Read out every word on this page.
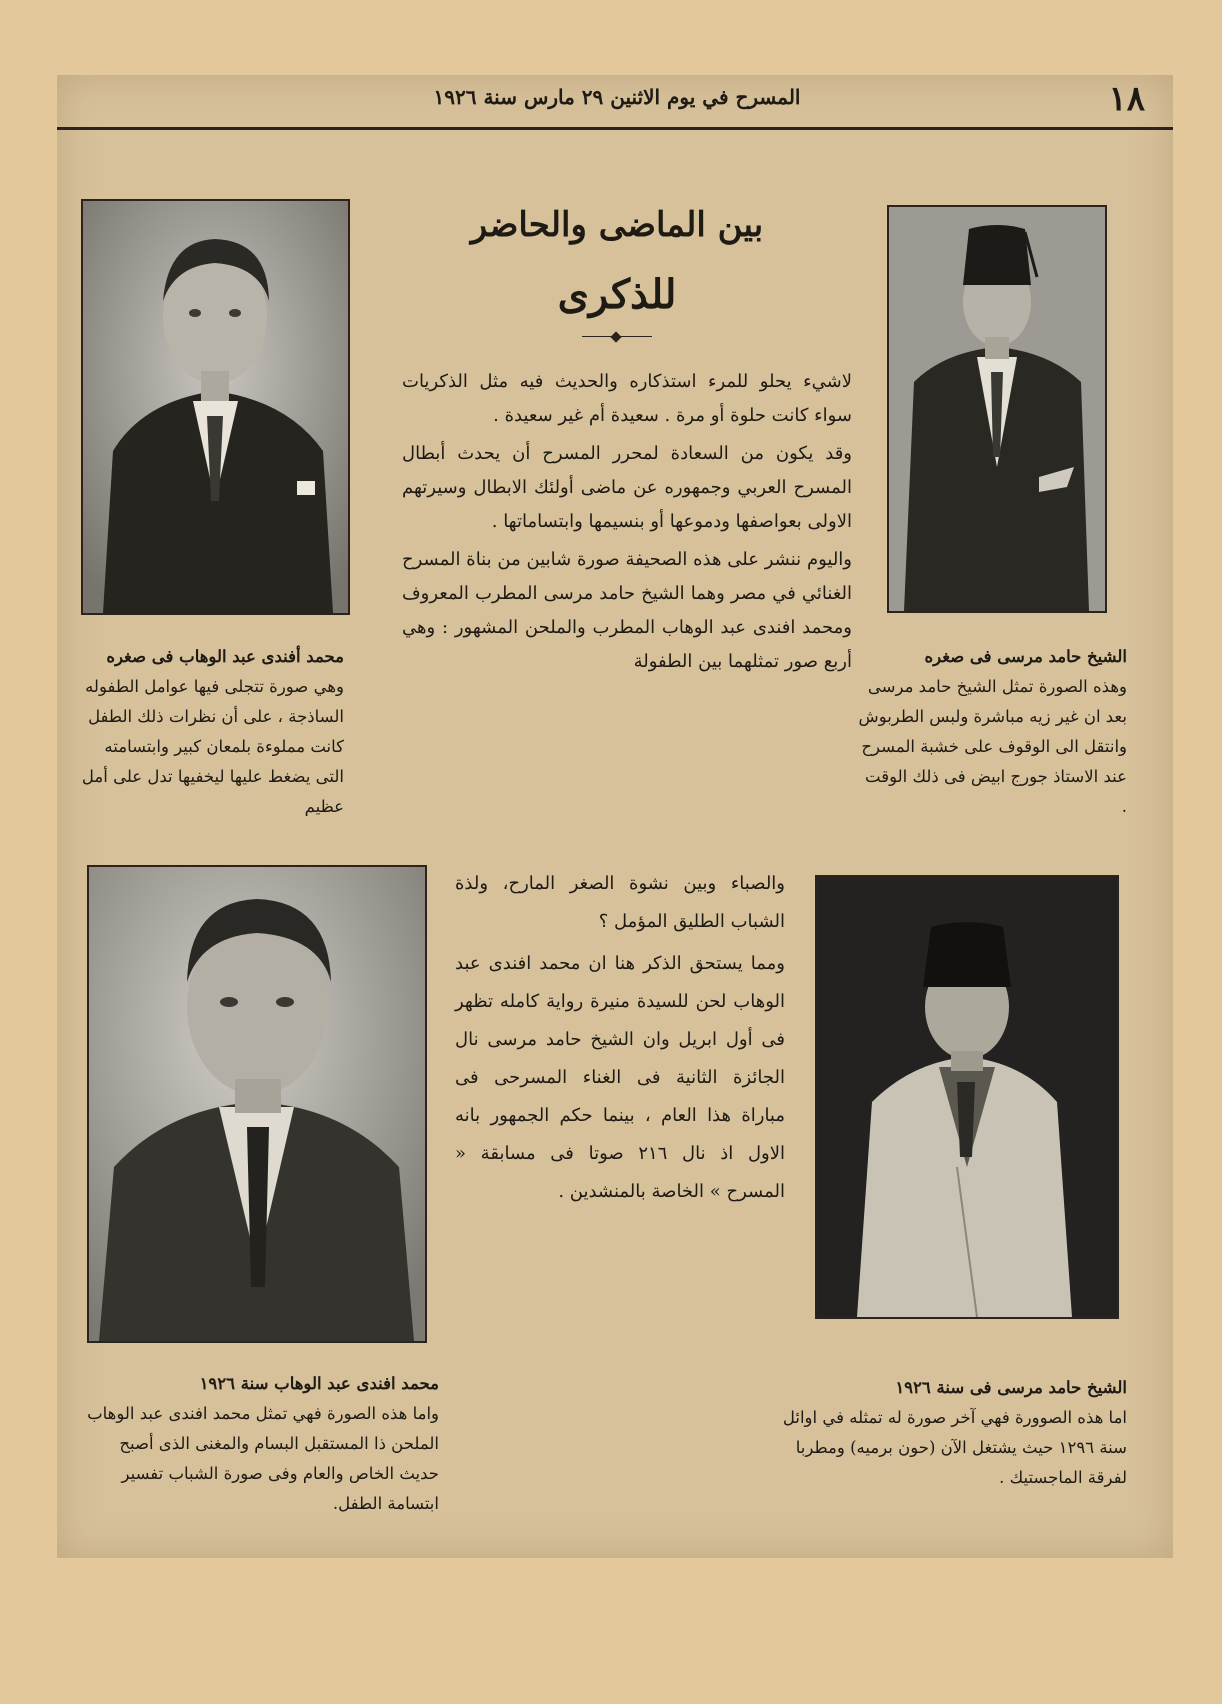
١٨
المسرح في يوم الاثنين ٢٩ مارس سنة ١٩٢٦
بين الماضى والحاضر
للذكرى

لاشيء يحلو للمرء استذكاره والحديث فيه مثل الذكريات سواء كانت حلوة أو مرة . سعيدة أم غير سعيدة .

وقد يكون من السعادة لمحرر المسرح أن يحدث أبطال المسرح العربي وجمهوره عن ماضى أولئك الابطال وسيرتهم الاولى بعواصفها ودموعها أو بنسيمها وابتساماتها .

واليوم ننشر على هذه الصحيفة صورة شابين من بناة المسرح الغنائي في مصر وهما الشيخ حامد مرسى المطرب المعروف ومحمد افندى عبد الوهاب المطرب والملحن المشهور : وهي أربع صور تمثلهما بين الطفولة

والصباء وبين نشوة الصغر المارح، ولذة الشباب الطليق المؤمل ؟

ومما يستحق الذكر هنا ان محمد افندى عبد الوهاب لحن للسيدة منيرة رواية كامله تظهر فى أول ابريل وان الشيخ حامد مرسى نال الجائزة الثانية فى الغناء المسرحى فى مباراة هذا العام ، بينما حكم الجمهور بانه الاول اذ نال ٢١٦ صوتا فى مسابقة « المسرح » الخاصة بالمنشدين .

الشيخ حامد مرسى فى صغره

وهذه الصورة تمثل الشيخ حامد مرسى بعد ان غير زيه مباشرة ولبس الطربوش وانتقل الى الوقوف على خشبة المسرح عند الاستاذ جورج ابيض فى ذلك الوقت .

محمد أفندى عبد الوهاب فى صغره

وهي صورة تتجلى فيها عوامل الطفوله الساذجة ، على أن نظرات ذلك الطفل كانت مملوءة بلمعان كبير وابتسامته التى يضغط عليها ليخفيها تدل على أمل عظيم

الشيخ حامد مرسى فى سنة ١٩٢٦

اما هذه الصوورة فهي آخر صورة له تمثله في اوائل سنة ١٢٩٦ حيث يشتغل الآن (حون برميه) ومطربا لفرقة الماجستيك .

محمد افندى عبد الوهاب سنة ١٩٢٦

واما هذه الصورة فهي تمثل محمد افندى عبد الوهاب الملحن ذا المستقبل البسام والمغنى الذى أصبح حديث الخاص والعام وفى صورة الشباب تفسير ابتسامة الطفل.
